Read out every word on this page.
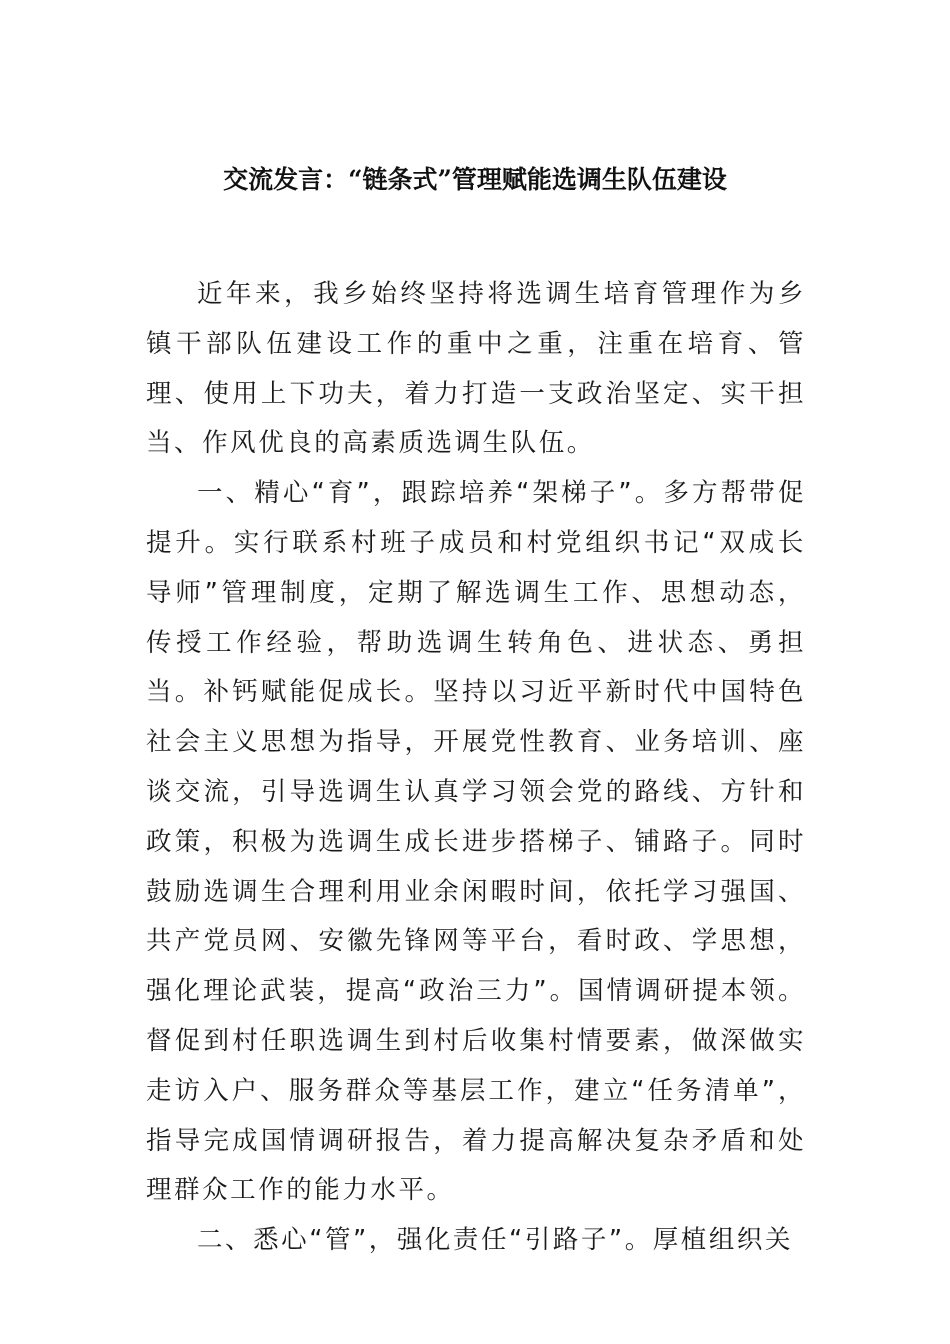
交流发言：“链条式”管理赋能选调生队伍建设

近年来，我乡始终坚持将选调生培育管理作为乡镇干部队伍建设工作的重中之重，注重在培育、管理、使用上下功夫，着力打造一支政治坚定、实干担当、作风优良的高素质选调生队伍。

一、精心“育”，跟踪培养“架梯子”。多方帮带促提升。实行联系村班子成员和村党组织书记“双成长导师”管理制度，定期了解选调生工作、思想动态，传授工作经验，帮助选调生转角色、进状态、勇担当。补钙赋能促成长。坚持以习近平新时代中国特色社会主义思想为指导，开展党性教育、业务培训、座谈交流，引导选调生认真学习领会党的路线、方针和政策，积极为选调生成长进步搭梯子、铺路子。同时鼓励选调生合理利用业余闲暇时间，依托学习强国、共产党员网、安徽先锋网等平台，看时政、学思想，强化理论武装，提高“政治三力”。国情调研提本领。督促到村任职选调生到村后收集村情要素，做深做实走访入户、服务群众等基层工作，建立“任务清单”，指导完成国情调研报告，着力提高解决复杂矛盾和处理群众工作的能力水平。

二、悉心“管”，强化责任“引路子”。厚植组织关
